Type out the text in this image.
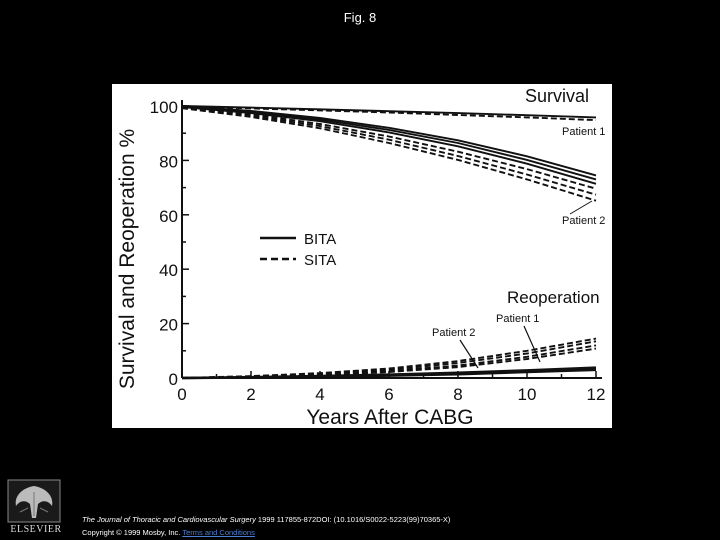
Fig. 8
0
20
40
60
80
100
0	2	4	6	8	10	12
Survival and Reoperation %
Years After CABG
Survival
Reoperation
Patient 1
Patient 2
Patient 1
Patient 2
BITA
SITA
ELSEVIER
The Journal of Thoracic and Cardiovascular Surgery 1999 117855-872DOI: (10.1016/S0022-5223(99)70365-X)
Copyright © 1999 Mosby, Inc. Terms and Conditions
